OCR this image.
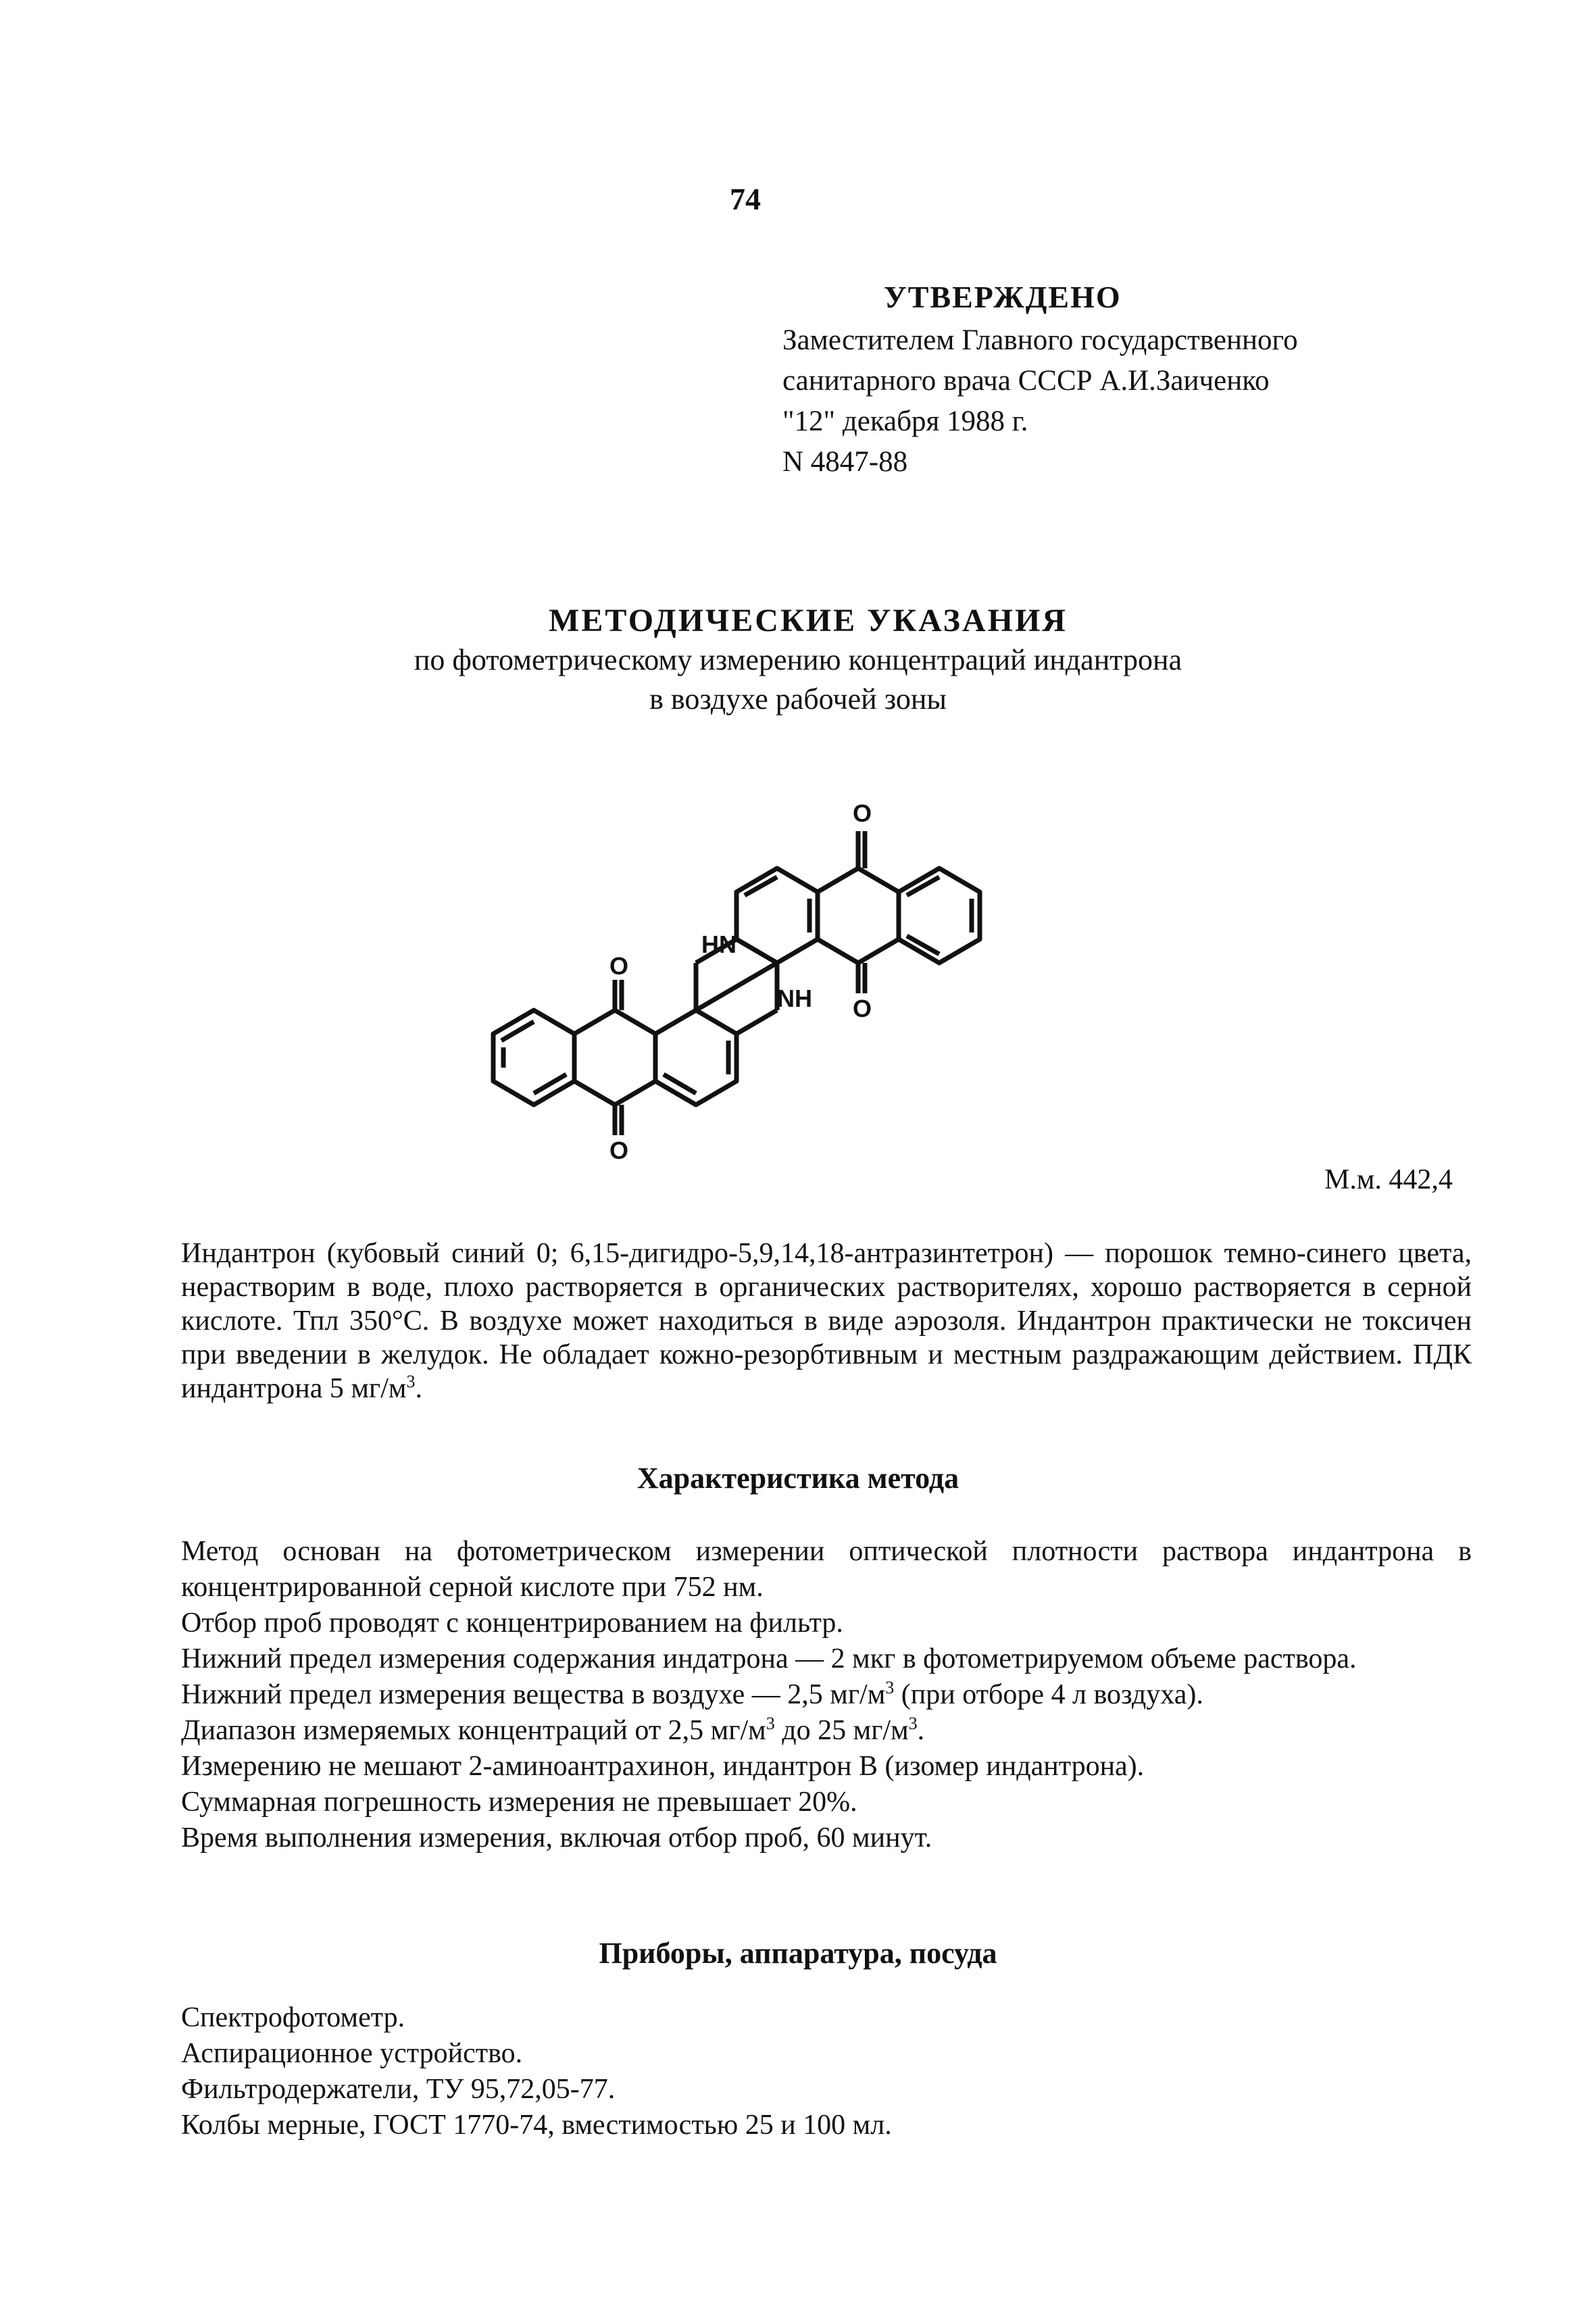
74
УТВЕРЖДЕНО
Заместителем Главного государственного
санитарного врача СССР А.И.Заиченко
"12" декабря 1988 г.
N 4847-88
МЕТОДИЧЕСКИЕ УКАЗАНИЯ
по фотометрическому измерению концентраций индантрона
в воздухе рабочей зоны
O
O
O
O
HN
NH
М.м. 442,4

Индантрон (кубовый синий 0; 6,15-дигидро-5,9,14,18-антразинтетрон) — порошок темно-синего цвета, нерастворим в воде, плохо растворяется в органических растворителях, хорошо растворяется в серной кислоте. Тпл 350°С. В воздухе может находиться в виде аэрозоля. Индантрон практически не токсичен при введении в желудок. Не обладает кожно-резорбтивным и местным раздражающим действием. ПДК индантрона 5 $мг/м^3$.

Характеристика метода

Метод основан на фотометрическом измерении оптической плотности раствора индантрона в концентрированной серной кислоте при 752 нм.

Отбор проб проводят с концентрированием на фильтр.

Нижний предел измерения содержания индатрона — 2 мкг в фотометрируемом объеме раствора.

Нижний предел измерения вещества в воздухе — 2,5 $мг/м^3$ (при отборе 4 л воздуха).

Диапазон измеряемых концентраций от 2,5 $мг/м^3$ до 25 $мг/м^3$.

Измерению не мешают 2-аминоантрахинон, индантрон В (изомер индантрона).

Суммарная погрешность измерения не превышает 20%.

Время выполнения измерения, включая отбор проб, 60 минут.

Приборы, аппаратура, посуда
Спектрофотометр.
Аспирационное устройство.
Фильтродержатели, ТУ 95,72,05-77.
Колбы мерные, ГОСТ 1770-74, вместимостью 25 и 100 мл.
